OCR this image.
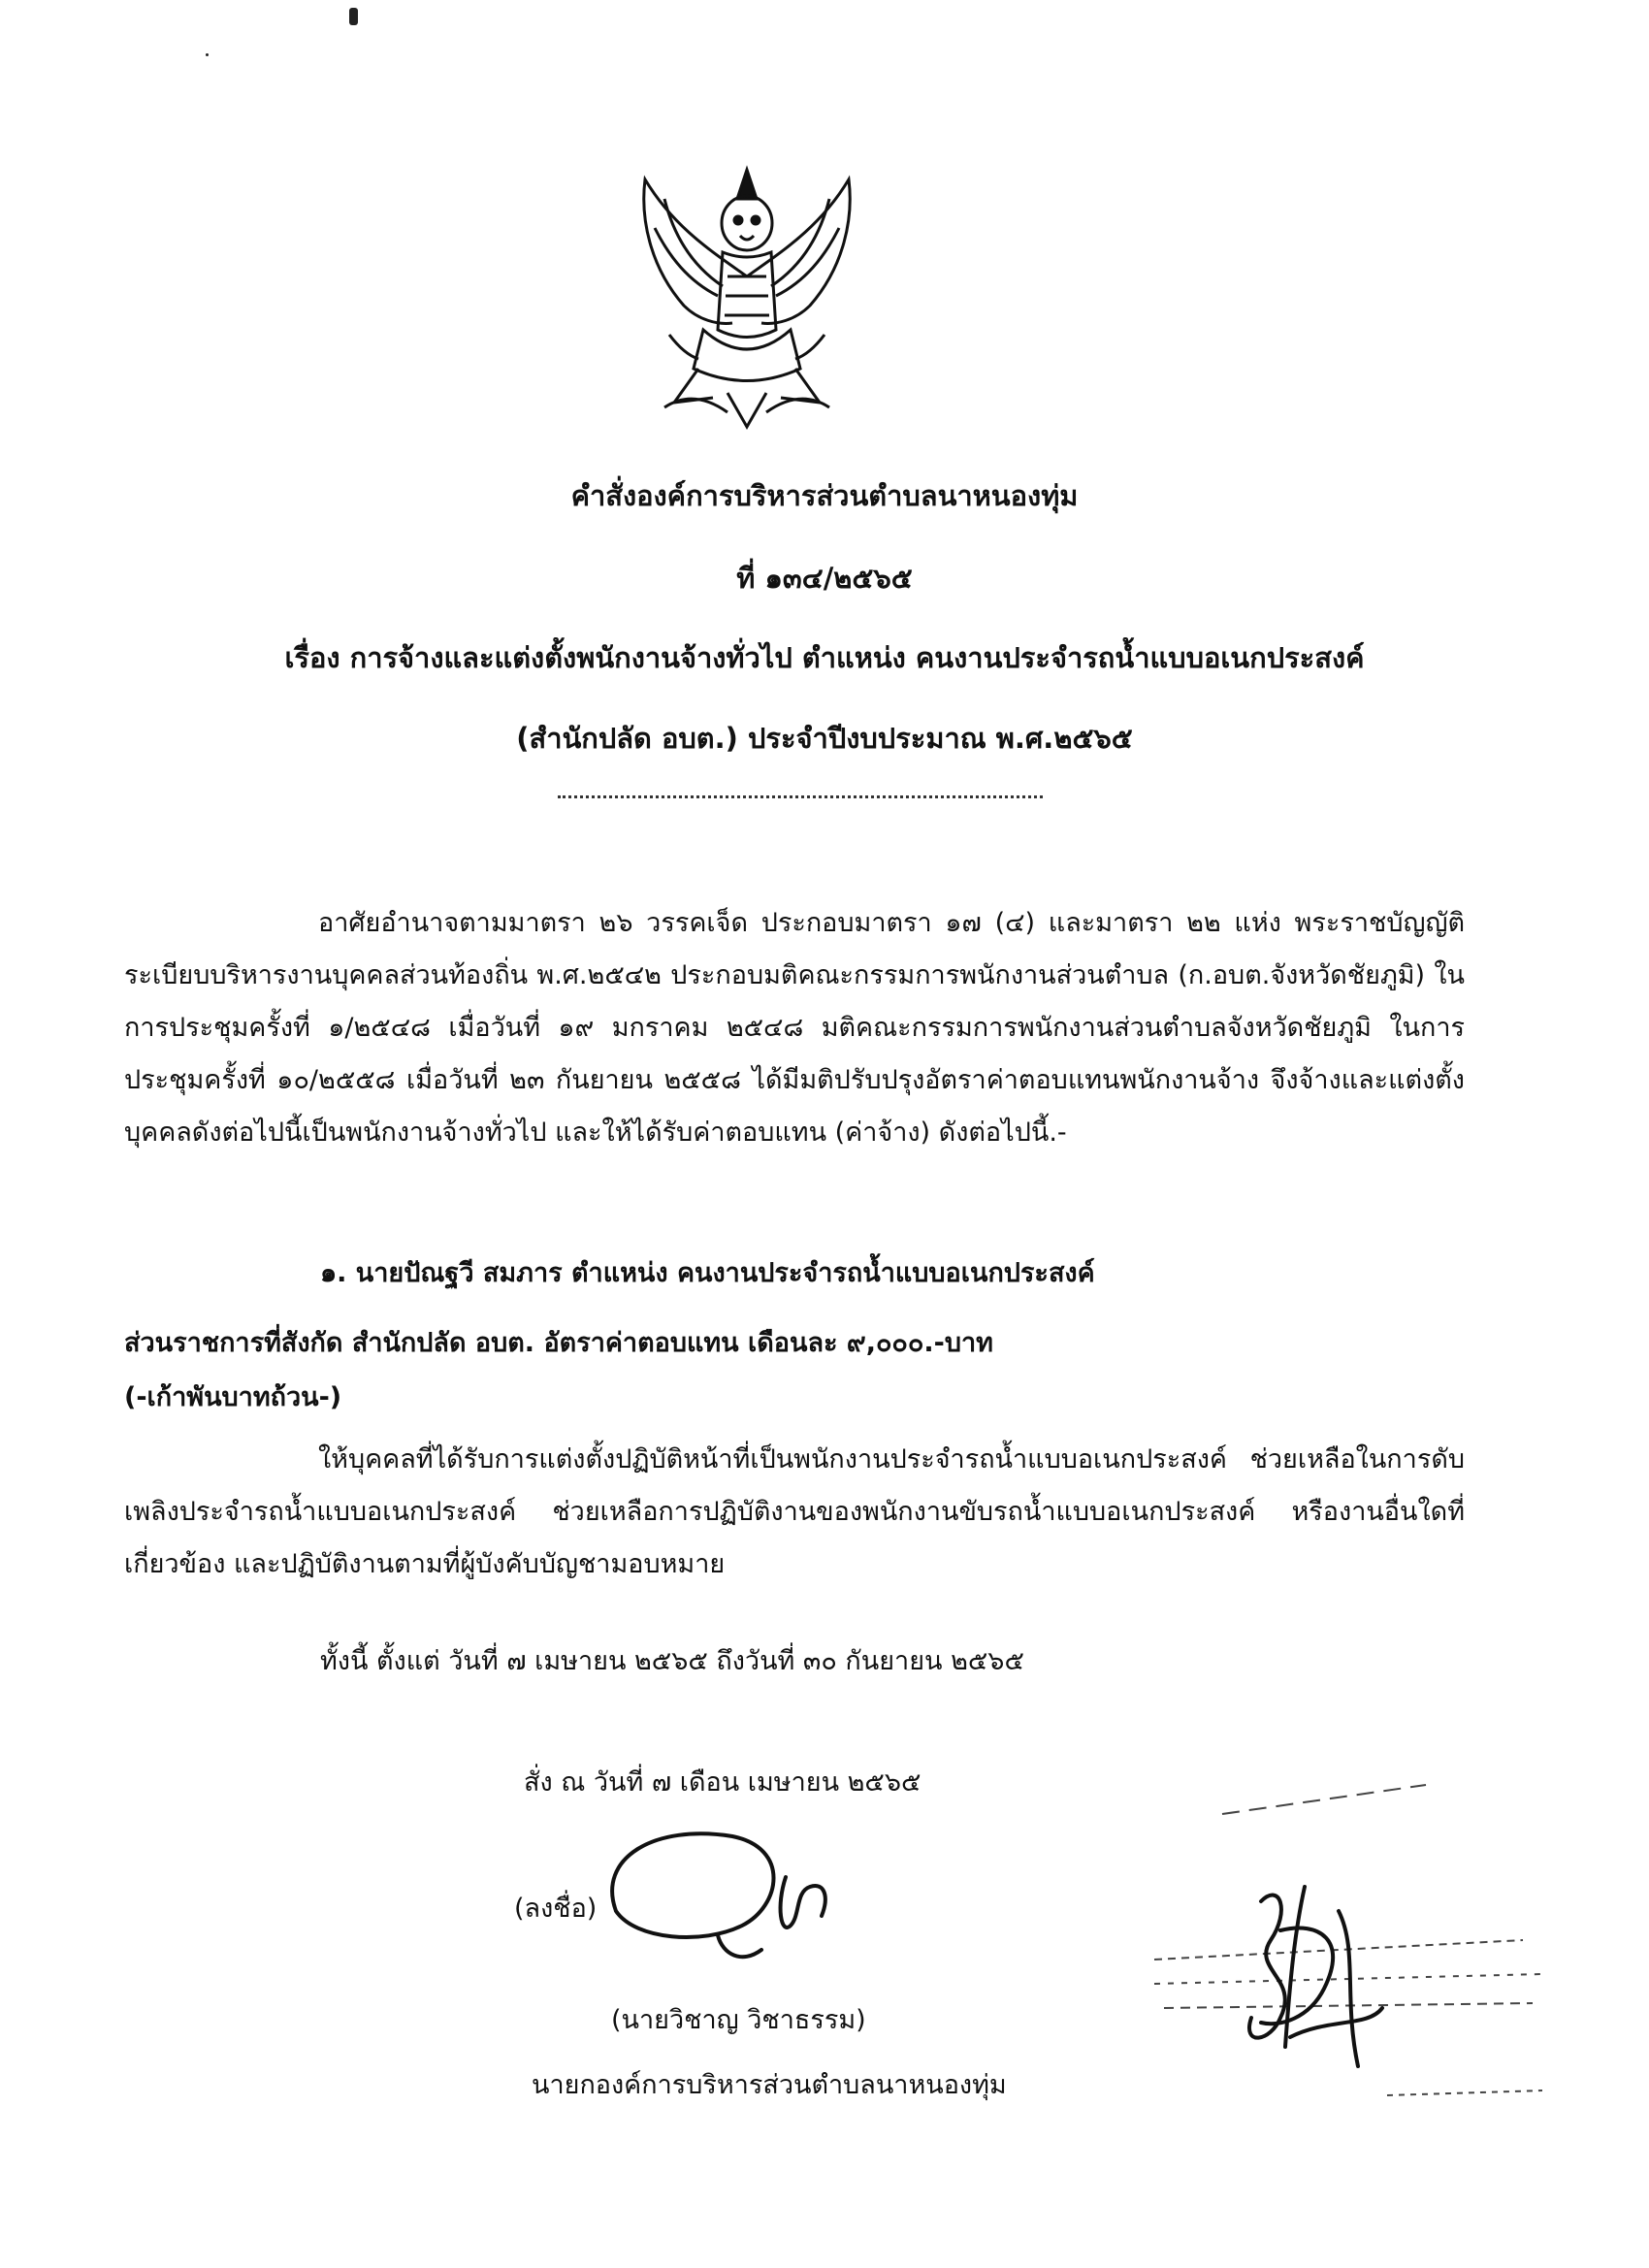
คำสั่งองค์การบริหารส่วนตำบลนาหนองทุ่ม
ที่ ๑๓๔/๒๕๖๕
เรื่อง การจ้างและแต่งตั้งพนักงานจ้างทั่วไป ตำแหน่ง คนงานประจำรถน้ำแบบอเนกประสงค์
(สำนักปลัด อบต.) ประจำปีงบประมาณ พ.ศ.๒๕๖๕

อาศัยอำนาจตามมาตรา ๒๖ วรรคเจ็ด ประกอบมาตรา ๑๗ (๔) และมาตรา ๒๒ แห่ง พระราชบัญญัติระเบียบบริหารงานบุคคลส่วนท้องถิ่น พ.ศ.๒๕๔๒ ประกอบมติคณะกรรมการพนักงานส่วนตำบล (ก.อบต.จังหวัดชัยภูมิ) ในการประชุมครั้งที่ ๑/๒๕๔๘ เมื่อวันที่ ๑๙ มกราคม ๒๕๔๘ มติคณะกรรมการพนักงานส่วนตำบลจังหวัดชัยภูมิ ในการประชุมครั้งที่ ๑๐/๒๕๕๘ เมื่อวันที่ ๒๓ กันยายน ๒๕๕๘ ได้มีมติปรับปรุงอัตราค่าตอบแทนพนักงานจ้าง จึงจ้างและแต่งตั้งบุคคลดังต่อไปนี้เป็นพนักงานจ้างทั่วไป และให้ได้รับค่าตอบแทน (ค่าจ้าง) ดังต่อไปนี้.-

๑. นายปัณฐวี สมภาร ตำแหน่ง คนงานประจำรถน้ำแบบอเนกประสงค์
ส่วนราชการที่สังกัด สำนักปลัด อบต. อัตราค่าตอบแทน เดือนละ ๙,๐๐๐.-บาท
(-เก้าพันบาทถ้วน-)

ให้บุคคลที่ได้รับการแต่งตั้งปฏิบัติหน้าที่เป็นพนักงานประจำรถน้ำแบบอเนกประสงค์ ช่วยเหลือในการดับเพลิงประจำรถน้ำแบบอเนกประสงค์ ช่วยเหลือการปฏิบัติงานของพนักงานขับรถน้ำแบบอเนกประสงค์ หรืองานอื่นใดที่เกี่ยวข้อง และปฏิบัติงานตามที่ผู้บังคับบัญชามอบหมาย

ทั้งนี้ ตั้งแต่ วันที่ ๗ เมษายน ๒๕๖๕ ถึงวันที่ ๓๐ กันยายน ๒๕๖๕
สั่ง ณ วันที่ ๗ เดือน เมษายน ๒๕๖๕
(ลงชื่อ)
(นายวิชาญ วิชาธรรม)
นายกองค์การบริหารส่วนตำบลนาหนองทุ่ม
